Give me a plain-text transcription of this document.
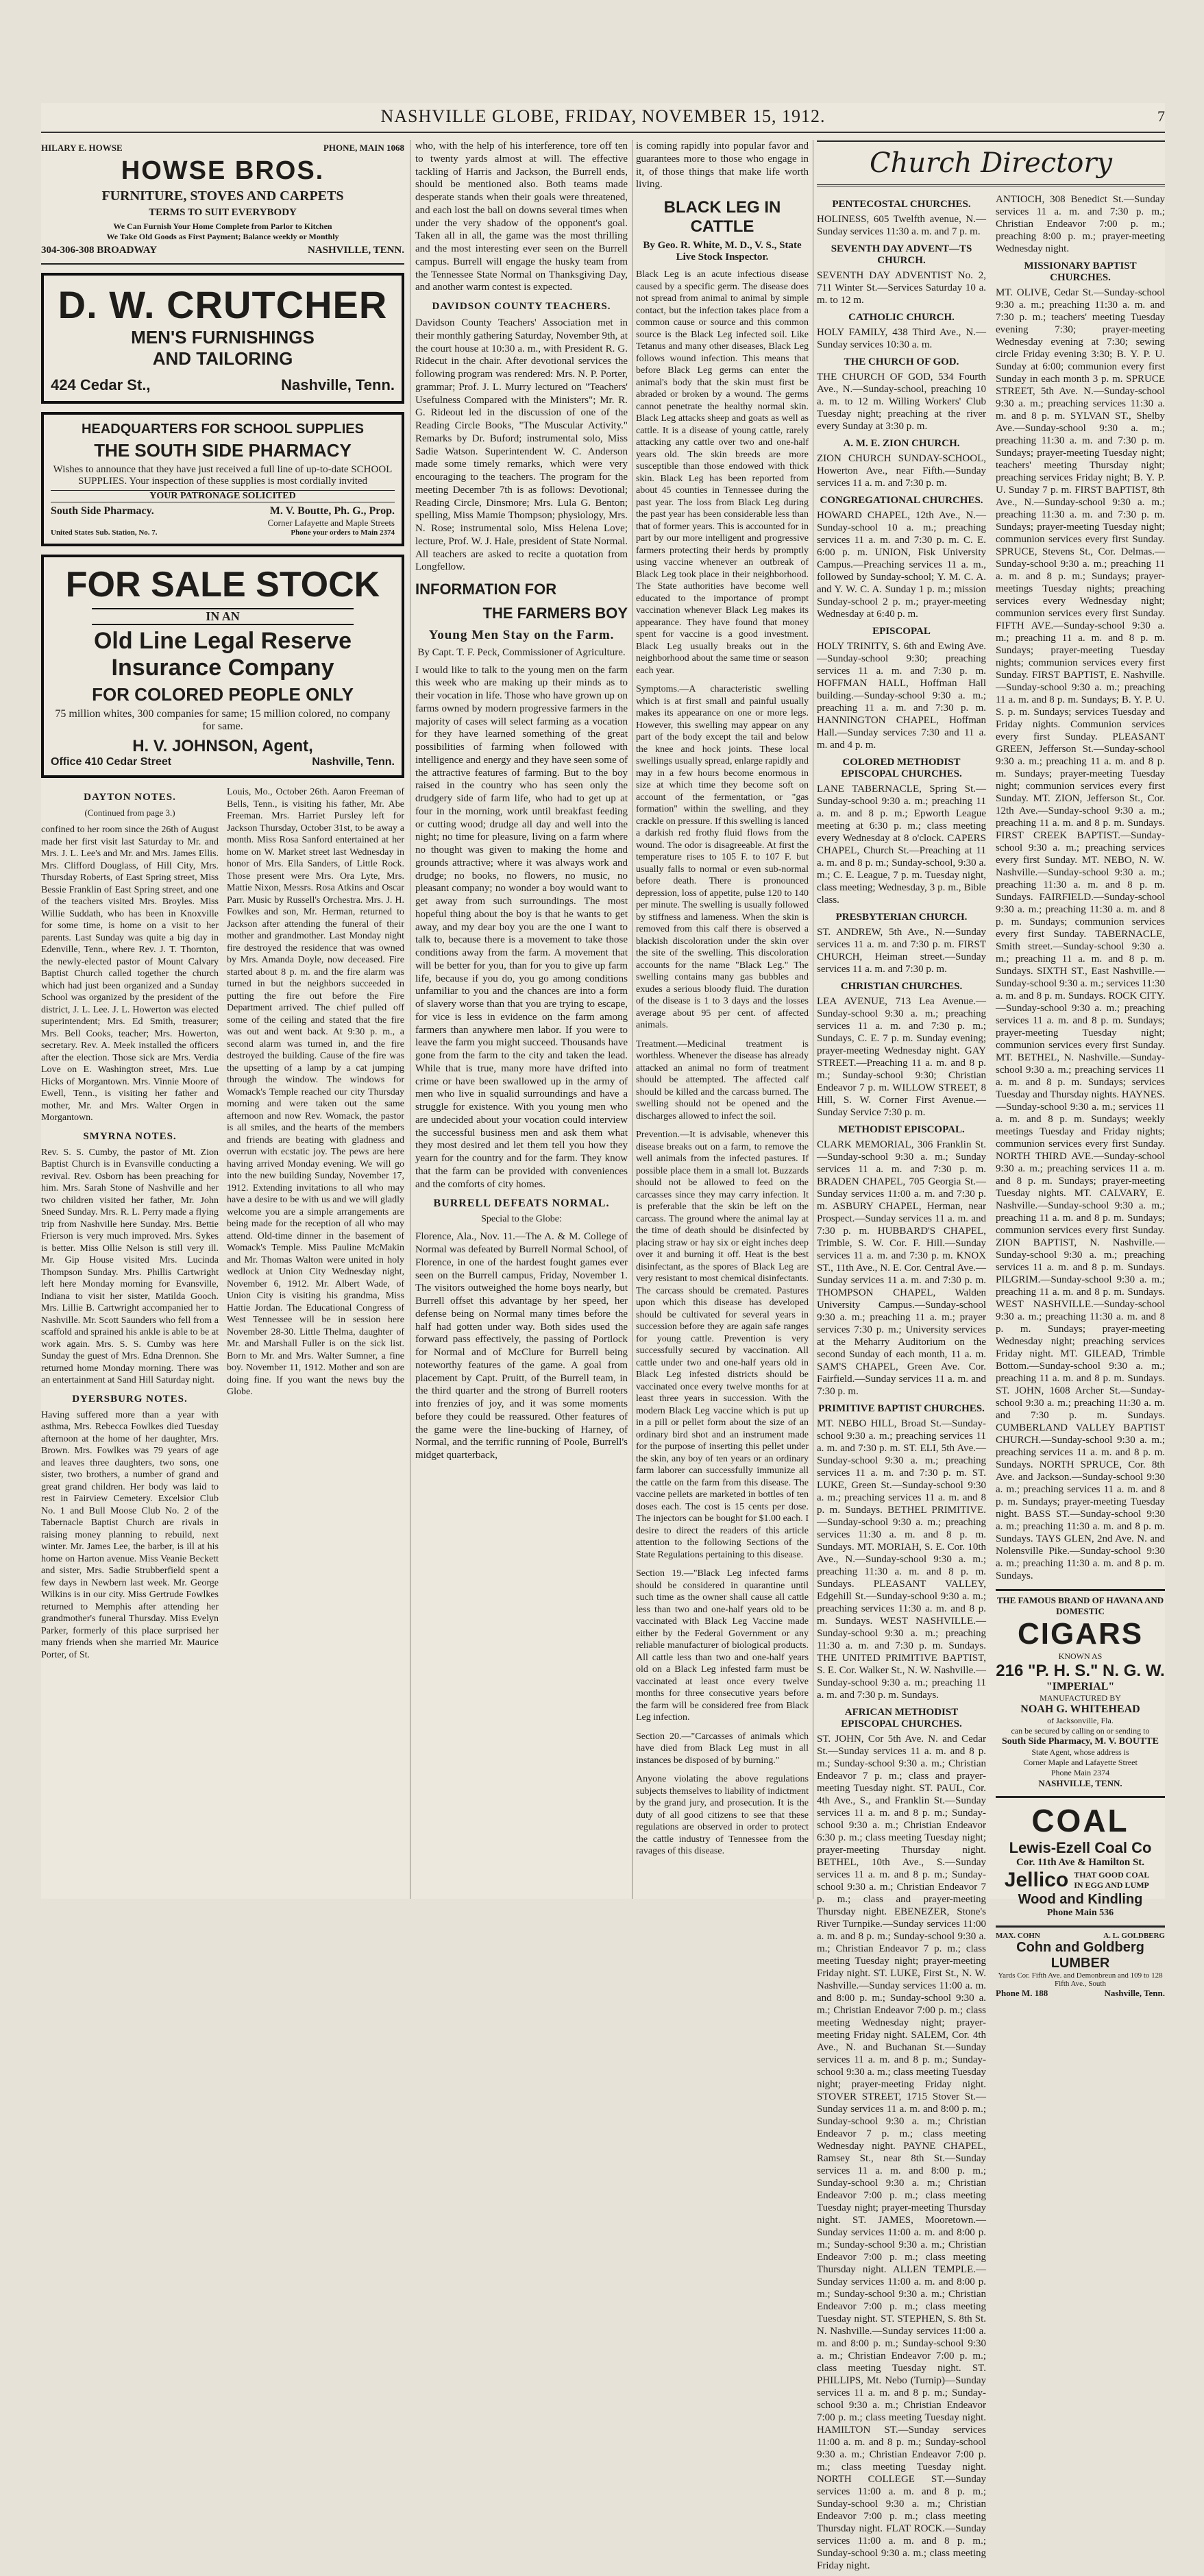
NASHVILLE GLOBE, FRIDAY, NOVEMBER 15, 1912.	7
HILARY E. HOWSE	PHONE, MAIN 1068
HOWSE BROS.
FURNITURE, STOVES AND CARPETS
TERMS TO SUIT EVERYBODY
We Can Furnish Your Home Complete from Parlor to Kitchen
We Take Old Goods as First Payment; Balance weekly or Monthly
304-306-308 BROADWAY	NASHVILLE, TENN.
D. W. CRUTCHER
MEN'S FURNISHINGS
AND TAILORING
424 Cedar St.,	Nashville, Tenn.
HEADQUARTERS FOR SCHOOL SUPPLIES
THE SOUTH SIDE PHARMACY
Wishes to announce that they have just received a full line of up-to-date SCHOOL SUPPLIES. Your inspection of these supplies is most cordially invited
YOUR PATRONAGE SOLICITED
South Side Pharmacy.	M. V. Boutte, Ph. G., Prop.
Corner Lafayette and Maple Streets
United States Sub. Station, No. 7.	Phone your orders to Main 2374
FOR SALE STOCK
IN AN
Old Line Legal Reserve
Insurance Company
FOR COLORED PEOPLE ONLY
75 million whites, 300 companies for same; 15 million colored, no company for same.
H. V. JOHNSON, Agent,
Office 410 Cedar Street	Nashville, Tenn.
DAYTON NOTES.
(Continued from page 3.)

confined to her room since the 26th of August made her first visit last Saturday to Mr. and Mrs. J. L. Lee's and Mr. and Mrs. James Ellis. Mrs. Clifford Douglass, of Hill City, Mrs. Thursday Roberts, of East Spring street, Miss Bessie Franklin of East Spring street, and one of the teachers visited Mrs. Broyles. Miss Willie Suddath, who has been in Knoxville for some time, is home on a visit to her parents. Last Sunday was quite a big day in Edenville, Tenn., where Rev. J. T. Thornton, the newly-elected pastor of Mount Calvary Baptist Church called together the church which had just been organized and a Sunday School was organized by the president of the district, J. L. Lee. J. L. Howerton was elected superintendent; Mrs. Ed Smith, treasurer; Mrs. Bell Cooks, teacher; Mrs. Howerton, secretary. Rev. A. Meek installed the officers after the election. Those sick are Mrs. Verdia Love on E. Washington street, Mrs. Lue Hicks of Morgantown. Mrs. Vinnie Moore of Ewell, Tenn., is visiting her father and mother, Mr. and Mrs. Walter Orgen in Morgantown.

SMYRNA NOTES.

Rev. S. S. Cumby, the pastor of Mt. Zion Baptist Church is in Evansville conducting a revival. Rev. Osborn has been preaching for him. Mrs. Sarah Stone of Nashville and her two children visited her father, Mr. John Sneed Sunday. Mrs. R. L. Perry made a flying trip from Nashville here Sunday. Mrs. Bettie Frierson is very much improved. Mrs. Sykes is better. Miss Ollie Nelson is still very ill. Mr. Gip House visited Mrs. Lucinda Thompson Sunday. Mrs. Phillis Cartwright left here Monday morning for Evansville, Indiana to visit her sister, Matilda Gooch. Mrs. Lillie B. Cartwright accompanied her to Nashville. Mr. Scott Saunders who fell from a scaffold and sprained his ankle is able to be at work again. Mrs. S. S. Cumby was here Sunday the guest of Mrs. Edna Drennon. She returned home Monday morning. There was an entertainment at Sand Hill Saturday night.

DYERSBURG NOTES.

Having suffered more than a year with asthma, Mrs. Rebecca Fowlkes died Tuesday afternoon at the home of her daughter, Mrs. Brown. Mrs. Fowlkes was 79 years of age and leaves three daughters, two sons, one sister, two brothers, a number of grand and great grand children. Her body was laid to rest in Fairview Cemetery. Excelsior Club No. 1 and Bull Moose Club No. 2 of the Tabernacle Baptist Church are rivals in raising money planning to rebuild, next winter. Mr. James Lee, the barber, is ill at his home on Harton avenue. Miss Veanie Beckett and sister, Mrs. Sadie Strubberfield spent a few days in Newbern last week. Mr. George Wilkins is in our city. Miss Gertrude Fowlkes returned to Memphis after attending her grandmother's funeral Thursday. Miss Evelyn Parker, formerly of this place surprised her many friends when she married Mr. Maurice Porter, of St.

Louis, Mo., October 26th. Aaron Freeman of Bells, Tenn., is visiting his father, Mr. Abe Freeman. Mrs. Harriet Pursley left for Jackson Thursday, October 31st, to be away a month. Miss Rosa Sanford entertained at her home on W. Market street last Wednesday in honor of Mrs. Ella Sanders, of Little Rock. Those present were Mrs. Ora Lyte, Mrs. Mattie Nixon, Messrs. Rosa Atkins and Oscar Parr. Music by Russell's Orchestra. Mrs. J. H. Fowlkes and son, Mr. Herman, returned to Jackson after attending the funeral of their mother and grandmother. Last Monday night fire destroyed the residence that was owned by Mrs. Amanda Doyle, now deceased. Fire started about 8 p. m. and the fire alarm was turned in but the neighbors succeeded in putting the fire out before the Fire Department arrived. The chief pulled off some of the ceiling and stated that the fire was out and went back. At 9:30 p. m., a second alarm was turned in, and the fire destroyed the building. Cause of the fire was the upsetting of a lamp by a cat jumping through the window. The windows for Womack's Temple reached our city Thursday morning and were taken out the same afternoon and now Rev. Womack, the pastor is all smiles, and the hearts of the members and friends are beating with gladness and overrun with ecstatic joy. The pews are here having arrived Monday evening. We will go into the new building Sunday, November 17, 1912. Extending invitations to all who may have a desire to be with us and we will gladly welcome you are a simple arrangements are being made for the reception of all who may attend. Old-time dinner in the basement of Womack's Temple. Miss Pauline McMakin and Mr. Thomas Walton were united in holy wedlock at Union City Wednesday night, November 6, 1912. Mr. Albert Wade, of Union City is visiting his grandma, Miss Hattie Jordan. The Educational Congress of West Tennessee will be in session here November 28-30. Little Thelma, daughter of Mr. and Marshall Fuller is on the sick list. Born to Mr. and Mrs. Walter Sumner, a fine boy. November 11, 1912. Mother and son are doing fine. If you want the news buy the Globe.

who, with the help of his interference, tore off ten to twenty yards almost at will. The effective tackling of Harris and Jackson, the Burrell ends, should be mentioned also. Both teams made desperate stands when their goals were threatened, and each lost the ball on downs several times when under the very shadow of the opponent's goal. Taken all in all, the game was the most thrilling and the most interesting ever seen on the Burrell campus. Burrell will engage the husky team from the Tennessee State Normal on Thanksgiving Day, and another warm contest is expected.

DAVIDSON COUNTY TEACHERS.

Davidson County Teachers' Association met in their monthly gathering Saturday, November 9th, at the court house at 10:30 a. m., with President R. G. Ridecut in the chair. After devotional services the following program was rendered: Mrs. N. P. Porter, grammar; Prof. J. L. Murry lectured on "Teachers' Usefulness Compared with the Ministers"; Mr. R. G. Rideout led in the discussion of one of the Reading Circle Books, "The Muscular Activity." Remarks by Dr. Buford; instrumental solo, Miss Sadie Watson. Superintendent W. C. Anderson made some timely remarks, which were very encouraging to the teachers. The program for the meeting December 7th is as follows: Devotional; Reading Circle, Dinsmore; Mrs. Lula G. Benton; spelling, Miss Mamie Thompson; physiology, Mrs. N. Rose; instrumental solo, Miss Helena Love; lecture, Prof. W. J. Hale, president of State Normal. All teachers are asked to recite a quotation from Longfellow.

INFORMATION FOR
THE FARMERS BOY
Young Men Stay on the Farm.
By Capt. T. F. Peck, Commissioner of Agriculture.

I would like to talk to the young men on the farm this week who are making up their minds as to their vocation in life. Those who have grown up on farms owned by modern progressive farmers in the majority of cases will select farming as a vocation for they have learned something of the great possibilities of farming when followed with intelligence and energy and they have seen some of the attractive features of farming. But to the boy raised in the country who has seen only the drudgery side of farm life, who had to get up at four in the morning, work until breakfast feeding or cutting wood; drudge all day and well into the night; no time for pleasure, living on a farm where no thought was given to making the home and grounds attractive; where it was always work and drudge; no books, no flowers, no music, no pleasant company; no wonder a boy would want to get away from such surroundings. The most hopeful thing about the boy is that he wants to get away, and my dear boy you are the one I want to talk to, because there is a movement to take those conditions away from the farm. A movement that will be better for you, than for you to give up farm life, because if you do, you go among conditions unfamiliar to you and the chances are into a form of slavery worse than that you are trying to escape, for vice is less in evidence on the farm among farmers than anywhere men labor. If you were to leave the farm you might succeed. Thousands have gone from the farm to the city and taken the lead. While that is true, many more have drifted into crime or have been swallowed up in the army of men who live in squalid surroundings and have a struggle for existence. With you young men who are undecided about your vocation could interview the successful business men and ask them what they most desired and let them tell you how they yearn for the country and for the farm. They know that the farm can be provided with conveniences and the comforts of city homes.

BURRELL DEFEATS NORMAL.
Special to the Globe:

Florence, Ala., Nov. 11.—The A. & M. College of Normal was defeated by Burrell Normal School, of Florence, in one of the hardest fought games ever seen on the Burrell campus, Friday, November 1. The visitors outweighed the home boys nearly, but Burrell offset this advantage by her speed, her defense being on Normal many times before the half had gotten under way. Both sides used the forward pass effectively, the passing of Portlock for Normal and of McClure for Burrell being noteworthy features of the game. A goal from placement by Capt. Pruitt, of the Burrell team, in the third quarter and the strong of Burrell rooters into frenzies of joy, and it was some moments before they could be reassured. Other features of the game were the line-bucking of Harney, of Normal, and the terrific running of Poole, Burrell's midget quarterback,

is coming rapidly into popular favor and guarantees more to those who engage in it, of those things that make life worth living.

BLACK LEG IN CATTLE
By Geo. R. White, M. D., V. S., State Live Stock Inspector.

Black Leg is an acute infectious disease caused by a specific germ. The disease does not spread from animal to animal by simple contact, but the infection takes place from a common cause or source and this common source is the Black Leg infected soil. Like Tetanus and many other diseases, Black Leg follows wound infection. This means that before Black Leg germs can enter the animal's body that the skin must first be abraded or broken by a wound. The germs cannot penetrate the healthy normal skin. Black Leg attacks sheep and goats as well as cattle. It is a disease of young cattle, rarely attacking any cattle over two and one-half years old. The skin breeds are more susceptible than those endowed with thick skin. Black Leg has been reported from about 45 counties in Tennessee during the past year. The loss from Black Leg during the past year has been considerable less than that of former years. This is accounted for in part by our more intelligent and progressive farmers protecting their herds by promptly using vaccine whenever an outbreak of Black Leg took place in their neighborhood. The State authorities have become well educated to the importance of prompt vaccination whenever Black Leg makes its appearance. They have found that money spent for vaccine is a good investment. Black Leg usually breaks out in the neighborhood about the same time or season each year.

Symptoms.—A characteristic swelling which is at first small and painful usually makes its appearance on one or more legs. However, this swelling may appear on any part of the body except the tail and below the knee and hock joints. These local swellings usually spread, enlarge rapidly and may in a few hours become enormous in size at which time they become soft on account of the fermentation, or "gas formation" within the swelling, and they crackle on pressure. If this swelling is lanced a darkish red frothy fluid flows from the wound. The odor is disagreeable. At first the temperature rises to 105 F. to 107 F. but usually falls to normal or even sub-normal before death. There is pronounced depression, loss of appetite, pulse 120 to 140 per minute. The swelling is usually followed by stiffness and lameness. When the skin is removed from this calf there is observed a blackish discoloration under the skin over the site of the swelling. This discoloration accounts for the name "Black Leg." The swelling contains many gas bubbles and exudes a serious bloody fluid. The duration of the disease is 1 to 3 days and the losses average about 95 per cent. of affected animals.

Treatment.—Medicinal treatment is worthless. Whenever the disease has already attacked an animal no form of treatment should be attempted. The affected calf should be killed and the carcass burned. The swelling should not be opened and the discharges allowed to infect the soil.

Prevention.—It is advisable, whenever this disease breaks out on a farm, to remove the well animals from the infected pastures. If possible place them in a small lot. Buzzards should not be allowed to feed on the carcasses since they may carry infection. It is preferable that the skin be left on the carcass. The ground where the animal lay at the time of death should be disinfected by placing straw or hay six or eight inches deep over it and burning it off. Heat is the best disinfectant, as the spores of Black Leg are very resistant to most chemical disinfectants. The carcass should be cremated. Pastures upon which this disease has developed should be cultivated for several years in succession before they are again safe ranges for young cattle. Prevention is very successfully secured by vaccination. All cattle under two and one-half years old in Black Leg infested districts should be vaccinated once every twelve months for at least three years in succession. With the modern Black Leg vaccine which is put up in a pill or pellet form about the size of an ordinary bird shot and an instrument made for the purpose of inserting this pellet under the skin, any boy of ten years or an ordinary farm laborer can successfully immunize all the cattle on the farm from this disease. The vaccine pellets are marketed in bottles of ten doses each. The cost is 15 cents per dose. The injectors can be bought for $1.00 each. I desire to direct the readers of this article attention to the following Sections of the State Regulations pertaining to this disease.

Section 19.—"Black Leg infected farms should be considered in quarantine until such time as the owner shall cause all cattle less than two and one-half years old to be vaccinated with Black Leg Vaccine made either by the Federal Government or any reliable manufacturer of biological products. All cattle less than two and one-half years old on a Black Leg infested farm must be vaccinated at least once every twelve months for three consecutive years before the farm will be considered free from Black Leg infection.

Section 20.—"Carcasses of animals which have died from Black Leg must in all instances be disposed of by burning."

Anyone violating the above regulations subjects themselves to liability of indictment by the grand jury, and prosecution. It is the duty of all good citizens to see that these regulations are observed in order to protect the cattle industry of Tennessee from the ravages of this disease.

Church Directory
PENTECOSTAL CHURCHES.

HOLINESS, 605 Twelfth avenue, N.—Sunday services 11:30 a. m. and 7 p. m.

SEVENTH DAY ADVENT—TS CHURCH.

SEVENTH DAY ADVENTIST No. 2, 711 Winter St.—Services Saturday 10 a. m. to 12 m.

CATHOLIC CHURCH.

HOLY FAMILY, 438 Third Ave., N.—Sunday services 10:30 a. m.

THE CHURCH OF GOD.

THE CHURCH OF GOD, 534 Fourth Ave., N.—Sunday-school, preaching 10 a. m. to 12 m. Willing Workers' Club Tuesday night; preaching at the river every Sunday at 3:30 p. m.

A. M. E. ZION CHURCH.

ZION CHURCH SUNDAY-SCHOOL, Howerton Ave., near Fifth.—Sunday services 11 a. m. and 7:30 p. m.

CONGREGATIONAL CHURCHES.

HOWARD CHAPEL, 12th Ave., N.—Sunday-school 10 a. m.; preaching services 11 a. m. and 7:30 p. m. C. E. 6:00 p. m. UNION, Fisk University Campus.—Preaching services 11 a. m., followed by Sunday-school; Y. M. C. A. and Y. W. C. A. Sunday 1 p. m.; mission Sunday-school 2 p. m.; prayer-meeting Wednesday at 6:40 p. m.

EPISCOPAL

HOLY TRINITY, S. 6th and Ewing Ave.—Sunday-school 9:30; preaching services 11 a. m. and 7:30 p. m. HOFFMAN HALL, Hoffman Hall building.—Sunday-school 9:30 a. m.; preaching 11 a. m. and 7:30 p. m. HANNINGTON CHAPEL, Hoffman Hall.—Sunday services 7:30 and 11 a. m. and 4 p. m.

COLORED METHODIST EPISCOPAL CHURCHES.

LANE TABERNACLE, Spring St.—Sunday-school 9:30 a. m.; preaching 11 a. m. and 8 p. m.; Epworth League meeting at 6:30 p. m.; class meeting every Wednesday at 8 o'clock. CAPERS CHAPEL, Church St.—Preaching at 11 a. m. and 8 p. m.; Sunday-school, 9:30 a. m.; C. E. League, 7 p. m. Tuesday night, class meeting; Wednesday, 3 p. m., Bible class.

PRESBYTERIAN CHURCH.

ST. ANDREW, 5th Ave., N.—Sunday services 11 a. m. and 7:30 p. m. FIRST CHURCH, Heiman street.—Sunday services 11 a. m. and 7:30 p. m.

CHRISTIAN CHURCHES.

LEA AVENUE, 713 Lea Avenue.—Sunday-school 9:30 a. m.; preaching services 11 a. m. and 7:30 p. m.; Sundays, C. E. 7 p. m. Sunday evening; prayer-meeting Wednesday night. GAY STREET.—Preaching 11 a. m. and 8 p. m.; Sunday-school 9:30; Christian Endeavor 7 p. m. WILLOW STREET, 8 Hill, S. W. Corner First Avenue.—Sunday Service 7:30 p. m.

METHODIST EPISCOPAL.

CLARK MEMORIAL, 306 Franklin St.—Sunday-school 9:30 a. m.; Sunday services 11 a. m. and 7:30 p. m. BRADEN CHAPEL, 705 Georgia St.—Sunday services 11:00 a. m. and 7:30 p. m. ASBURY CHAPEL, Herman, near Prospect.—Sunday services 11 a. m. and 7:30 p. m. HUBBARD'S CHAPEL, Trimble, S. W. Cor. F. Hill.—Sunday services 11 a. m. and 7:30 p. m. KNOX ST., 11th Ave., N. E. Cor. Central Ave.—Sunday services 11 a. m. and 7:30 p. m. THOMPSON CHAPEL, Walden University Campus.—Sunday-school 9:30 a. m.; preaching 11 a. m.; prayer services 7:30 p. m.; University services at the Meharry Auditorium on the second Sunday of each month, 11 a. m. SAM'S CHAPEL, Green Ave. Cor. Fairfield.—Sunday services 11 a. m. and 7:30 p. m.

PRIMITIVE BAPTIST CHURCHES.

MT. NEBO HILL, Broad St.—Sunday-school 9:30 a. m.; preaching services 11 a. m. and 7:30 p. m. ST. ELI, 5th Ave.—Sunday-school 9:30 a. m.; preaching services 11 a. m. and 7:30 p. m. ST. LUKE, Green St.—Sunday-school 9:30 a. m.; preaching services 11 a. m. and 8 p. m. Sundays. BETHEL PRIMITIVE.—Sunday-school 9:30 a. m.; preaching services 11:30 a. m. and 8 p. m. Sundays. MT. MORIAH, S. E. Cor. 10th Ave., N.—Sunday-school 9:30 a. m.; preaching 11:30 a. m. and 8 p. m. Sundays. PLEASANT VALLEY, Edgehill St.—Sunday-school 9:30 a. m.; preaching services 11:30 a. m. and 8 p. m. Sundays. WEST NASHVILLE.—Sunday-school 9:30 a. m.; preaching 11:30 a. m. and 7:30 p. m. Sundays. THE UNITED PRIMITIVE BAPTIST, S. E. Cor. Walker St., N. W. Nashville.—Sunday-school 9:30 a. m.; preaching 11 a. m. and 7:30 p. m. Sundays.

AFRICAN METHODIST EPISCOPAL CHURCHES.

ST. JOHN, Cor 5th Ave. N. and Cedar St.—Sunday services 11 a. m. and 8 p. m.; Sunday-school 9:30 a. m.; Christian Endeavor 7 p. m.; class and prayer-meeting Tuesday night. ST. PAUL, Cor. 4th Ave., S., and Franklin St.—Sunday services 11 a. m. and 8 p. m.; Sunday-school 9:30 a. m.; Christian Endeavor 6:30 p. m.; class meeting Tuesday night; prayer-meeting Thursday night. BETHEL, 10th Ave., S.—Sunday services 11 a. m. and 8 p. m.; Sunday-school 9:30 a. m.; Christian Endeavor 7 p. m.; class and prayer-meeting Thursday night. EBENEZER, Stone's River Turnpike.—Sunday services 11:00 a. m. and 8 p. m.; Sunday-school 9:30 a. m.; Christian Endeavor 7 p. m.; class meeting Tuesday night; prayer-meeting Friday night. ST. LUKE, First St., N. W. Nashville.—Sunday services 11:00 a. m. and 8:00 p. m.; Sunday-school 9:30 a. m.; Christian Endeavor 7:00 p. m.; class meeting Wednesday night; prayer-meeting Friday night. SALEM, Cor. 4th Ave., N. and Buchanan St.—Sunday services 11 a. m. and 8 p. m.; Sunday-school 9:30 a. m.; class meeting Tuesday night; prayer-meeting Friday night. STOVER STREET, 1715 Stover St.—Sunday services 11 a. m. and 8:00 p. m.; Sunday-school 9:30 a. m.; Christian Endeavor 7 p. m.; class meeting Wednesday night. PAYNE CHAPEL, Ramsey St., near 8th St.—Sunday services 11 a. m. and 8:00 p. m.; Sunday-school 9:30 a. m.; Christian Endeavor 7:00 p. m.; class meeting Tuesday night; prayer-meeting Thursday night. ST. JAMES, Mooretown.—Sunday services 11:00 a. m. and 8:00 p. m.; Sunday-school 9:30 a. m.; Christian Endeavor 7:00 p. m.; class meeting Thursday night. ALLEN TEMPLE.—Sunday services 11:00 a. m. and 8:00 p. m.; Sunday-school 9:30 a. m.; Christian Endeavor 7:00 p. m.; class meeting Tuesday night. ST. STEPHEN, S. 8th St. N. Nashville.—Sunday services 11:00 a. m. and 8:00 p. m.; Sunday-school 9:30 a. m.; Christian Endeavor 7:00 p. m.; class meeting Tuesday night. ST. PHILLIPS, Mt. Nebo (Turnip)—Sunday services 11 a. m. and 8 p. m.; Sunday-school 9:30 a. m.; Christian Endeavor 7:00 p. m.; class meeting Tuesday night. HAMILTON ST.—Sunday services 11:00 a. m. and 8 p. m.; Sunday-school 9:30 a. m.; Christian Endeavor 7:00 p. m.; class meeting Tuesday night. NORTH COLLEGE ST.—Sunday services 11:00 a. m. and 8 p. m.; Sunday-school 9:30 a. m.; Christian Endeavor 7:00 p. m.; class meeting Thursday night. FLAT ROCK.—Sunday services 11:00 a. m. and 8 p. m.; Sunday-school 9:30 a. m.; class meeting Friday night.

ANTIOCH, 308 Benedict St.—Sunday services 11 a. m. and 7:30 p. m.; Christian Endeavor 7:00 p. m.; preaching 8:00 p. m.; prayer-meeting Wednesday night.

MISSIONARY BAPTIST CHURCHES.

MT. OLIVE, Cedar St.—Sunday-school 9:30 a. m.; preaching 11:30 a. m. and 7:30 p. m.; teachers' meeting Tuesday evening 7:30; prayer-meeting Wednesday evening at 7:30; sewing circle Friday evening 3:30; B. Y. P. U. Sunday at 6:00; communion every first Sunday in each month 3 p. m. SPRUCE STREET, 5th Ave. N.—Sunday-school 9:30 a. m.; preaching services 11:30 a. m. and 8 p. m. SYLVAN ST., Shelby Ave.—Sunday-school 9:30 a. m.; preaching 11:30 a. m. and 7:30 p. m. Sundays; prayer-meeting Tuesday night; teachers' meeting Thursday night; preaching services Friday night; B. Y. P. U. Sunday 7 p. m. FIRST BAPTIST, 8th Ave., N.—Sunday-school 9:30 a. m.; preaching 11:30 a. m. and 7:30 p. m. Sundays; prayer-meeting Tuesday night; communion services every first Sunday. SPRUCE, Stevens St., Cor. Delmas.—Sunday-school 9:30 a. m.; preaching 11 a. m. and 8 p. m.; Sundays; prayer-meetings Tuesday nights; preaching services every Wednesday night; communion services every first Sunday. FIFTH AVE.—Sunday-school 9:30 a. m.; preaching 11 a. m. and 8 p. m. Sundays; prayer-meeting Tuesday nights; communion services every first Sunday. FIRST BAPTIST, E. Nashville.—Sunday-school 9:30 a. m.; preaching 11 a. m. and 8 p. m. Sundays; B. Y. P. U. S. p. m. Sundays; services Tuesday and Friday nights. Communion services every first Sunday. PLEASANT GREEN, Jefferson St.—Sunday-school 9:30 a. m.; preaching 11 a. m. and 8 p. m. Sundays; prayer-meeting Tuesday night; communion services every first Sunday. MT. ZION, Jefferson St., Cor. 12th Ave.—Sunday-school 9:30 a. m.; preaching 11 a. m. and 8 p. m. Sundays. FIRST CREEK BAPTIST.—Sunday-school 9:30 a. m.; preaching services every first Sunday. MT. NEBO, N. W. Nashville.—Sunday-school 9:30 a. m.; preaching 11:30 a. m. and 8 p. m. Sundays. FAIRFIELD.—Sunday-school 9:30 a. m.; preaching 11:30 a. m. and 8 p. m. Sundays; communion services every first Sunday. TABERNACLE, Smith street.—Sunday-school 9:30 a. m.; preaching 11 a. m. and 8 p. m. Sundays. SIXTH ST., East Nashville.—Sunday-school 9:30 a. m.; services 11:30 a. m. and 8 p. m. Sundays. ROCK CITY.—Sunday-school 9:30 a. m.; preaching services 11 a. m. and 8 p. m. Sundays; prayer-meeting Tuesday night; communion services every first Sunday. MT. BETHEL, N. Nashville.—Sunday-school 9:30 a. m.; preaching services 11 a. m. and 8 p. m. Sundays; services Tuesday and Thursday nights. HAYNES.—Sunday-school 9:30 a. m.; services 11 a. m. and 8 p. m. Sundays; weekly meetings Tuesday and Friday nights; communion services every first Sunday. NORTH THIRD AVE.—Sunday-school 9:30 a. m.; preaching services 11 a. m. and 8 p. m. Sundays; prayer-meeting Tuesday nights. MT. CALVARY, E. Nashville.—Sunday-school 9:30 a. m.; preaching 11 a. m. and 8 p. m. Sundays; communion services every first Sunday. ZION BAPTIST, N. Nashville.—Sunday-school 9:30 a. m.; preaching services 11 a. m. and 8 p. m. Sundays. PILGRIM.—Sunday-school 9:30 a. m.; preaching 11 a. m. and 8 p. m. Sundays. WEST NASHVILLE.—Sunday-school 9:30 a. m.; preaching 11:30 a. m. and 8 p. m. Sundays; prayer-meeting Wednesday night; preaching services Friday night. MT. GILEAD, Trimble Bottom.—Sunday-school 9:30 a. m.; preaching 11 a. m. and 8 p. m. Sundays. ST. JOHN, 1608 Archer St.—Sunday-school 9:30 a. m.; preaching 11:30 a. m. and 7:30 p. m. Sundays. CUMBERLAND VALLEY BAPTIST CHURCH.—Sunday-school 9:30 a. m.; preaching services 11 a. m. and 8 p. m. Sundays. NORTH SPRUCE, Cor. 8th Ave. and Jackson.—Sunday-school 9:30 a. m.; preaching services 11 a. m. and 8 p. m. Sundays; prayer-meeting Tuesday night. BASS ST.—Sunday-school 9:30 a. m.; preaching 11:30 a. m. and 8 p. m. Sundays. TAYS GLEN, 2nd Ave. N. and Nolensville Pike.—Sunday-school 9:30 a. m.; preaching 11:30 a. m. and 8 p. m. Sundays.

THE FAMOUS BRAND OF HAVANA AND DOMESTIC
CIGARS
KNOWN AS
216 "P. H. S." N. G. W.
"IMPERIAL"
MANUFACTURED BY
NOAH G. WHITEHEAD
of Jacksonville, Fla.
can be secured by calling on or sending to
South Side Pharmacy, M. V. BOUTTE
State Agent, whose address is
Corner Maple and Lafayette Street
Phone Main 2374
NASHVILLE, TENN.
COAL
Lewis-Ezell Coal Co
Cor. 11th Ave & Hamilton St.
Jellico THAT GOOD COAL IN EGG AND LUMP
Wood and Kindling
Phone Main 536
MAX. COHN	A. L. GOLDBERG
Cohn and Goldberg
LUMBER
Yards Cor. Fifth Ave. and Demonbreun and 109 to 128 Fifth Ave., South
Phone M. 188	Nashville, Tenn.
